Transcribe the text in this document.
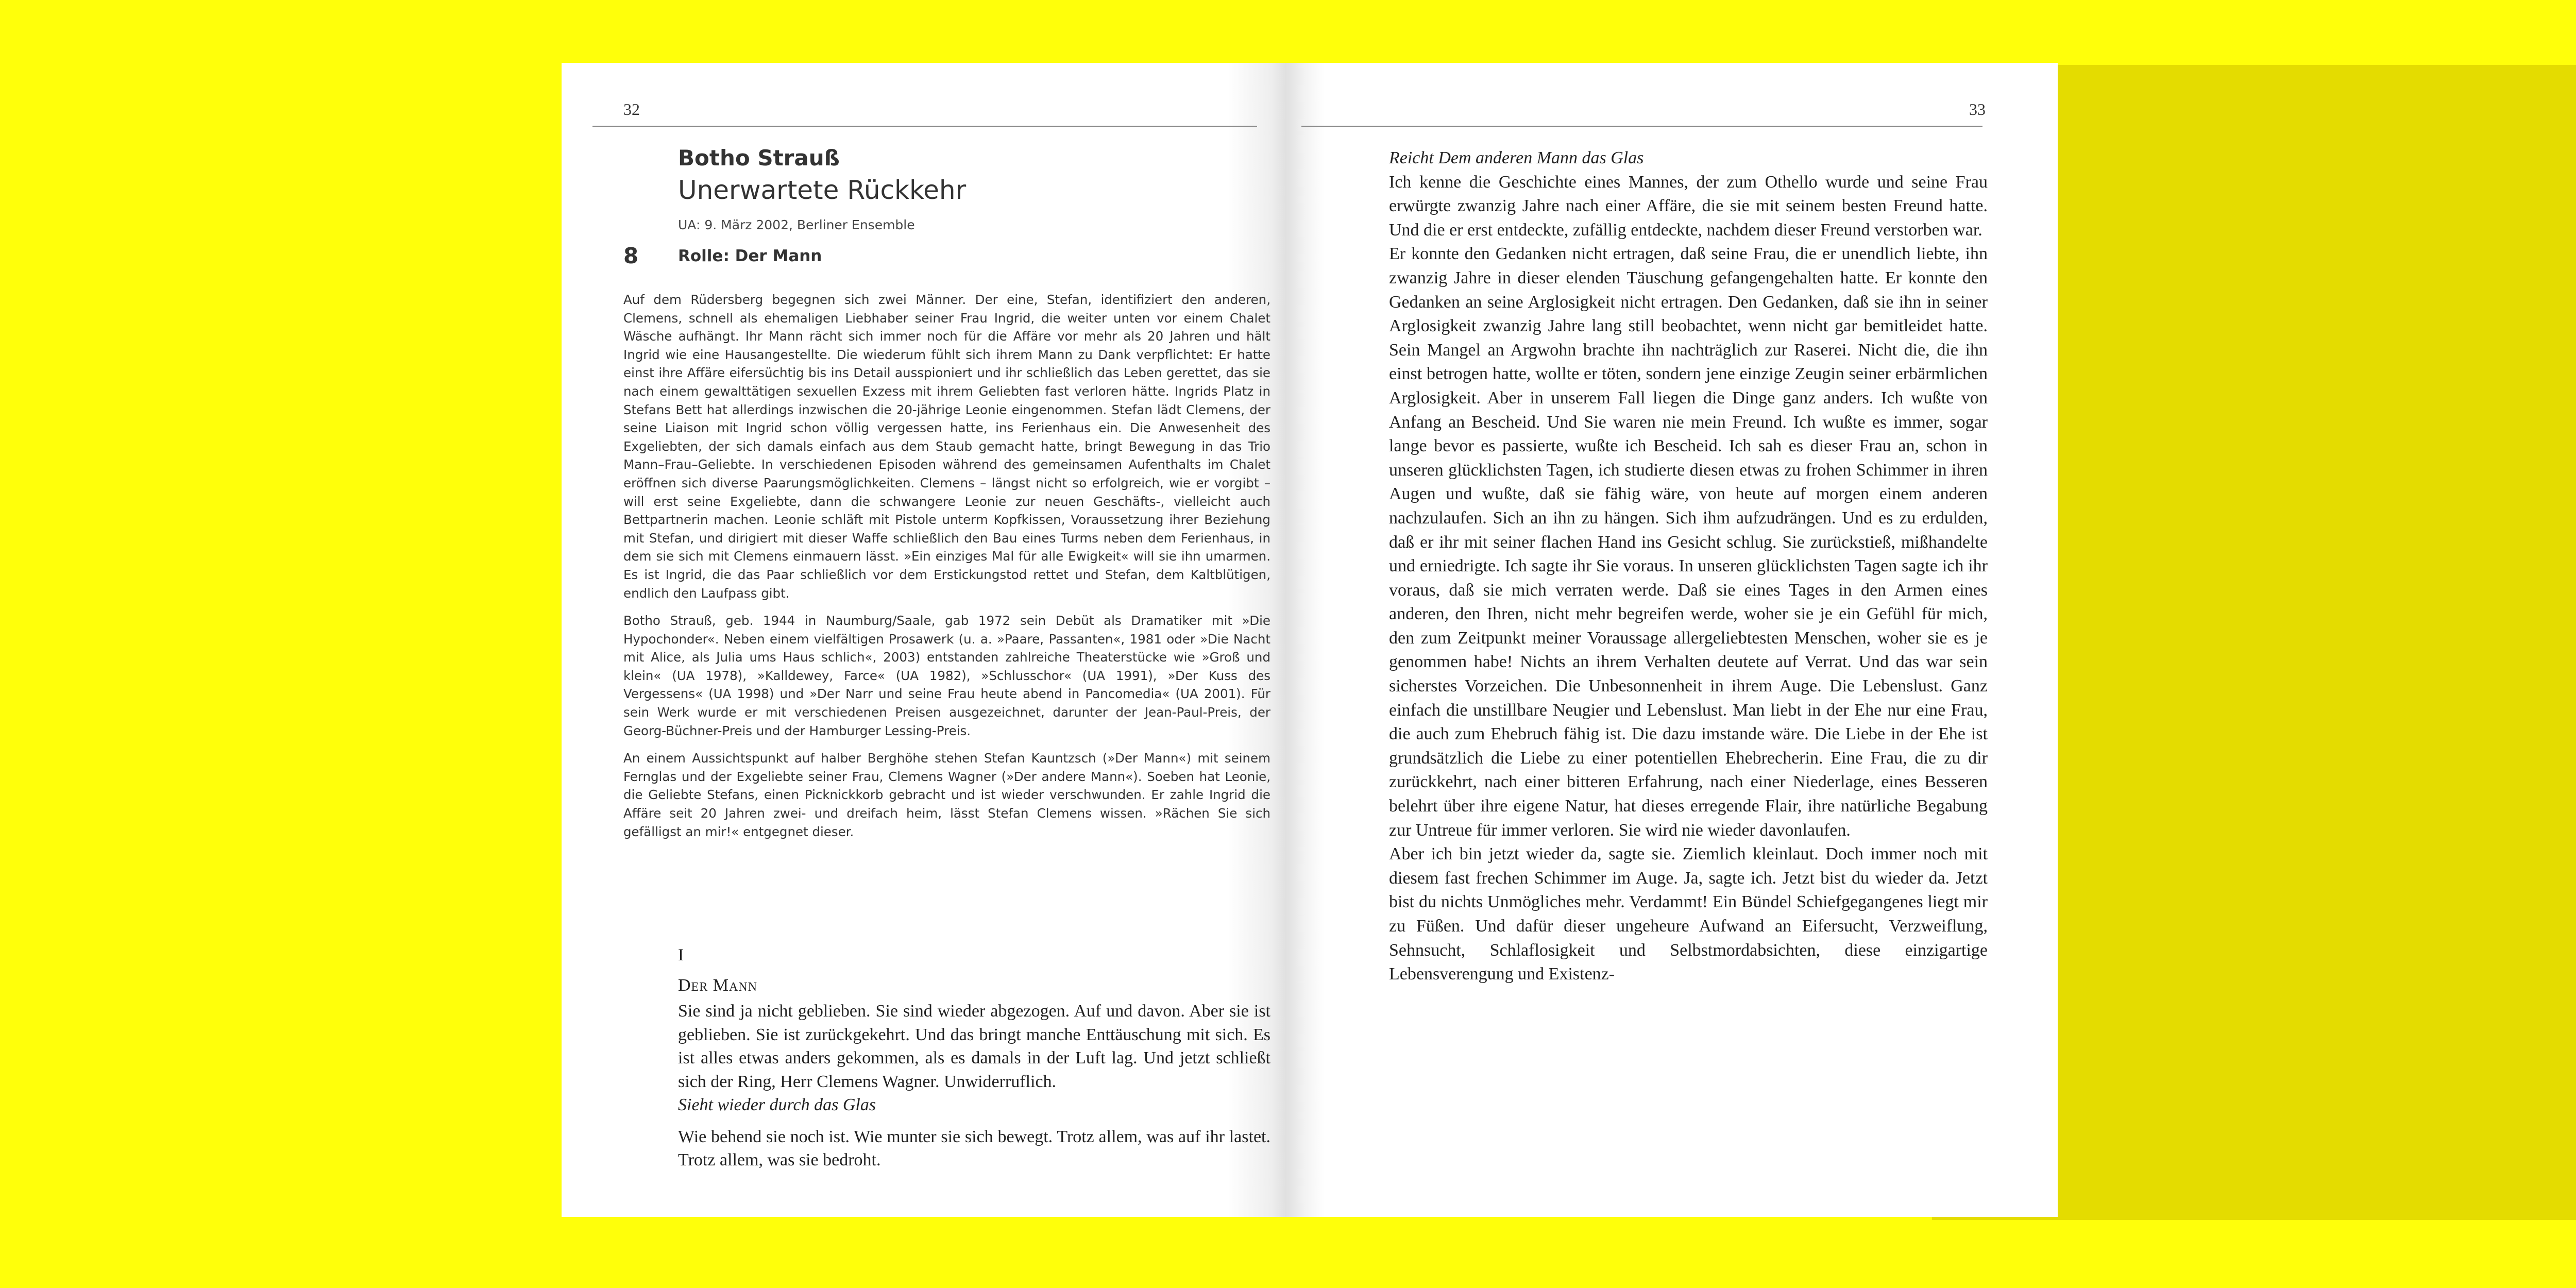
32
Botho Strauß
Unerwartete Rückkehr
UA: 9. März 2002, Berliner Ensemble
8 Rolle: Der Mann

Auf dem Rüdersberg begegnen sich zwei Männer. Der eine, Stefan, identifiziert den anderen, Clemens, schnell als ehemaligen Liebhaber seiner Frau Ingrid, die weiter unten vor einem Chalet Wäsche aufhängt. Ihr Mann rächt sich immer noch für die Affäre vor mehr als 20 Jahren und hält Ingrid wie eine Hausangestellte. Die wiederum fühlt sich ihrem Mann zu Dank verpflichtet: Er hatte einst ihre Affäre eifersüchtig bis ins Detail ausspioniert und ihr schließlich das Leben gerettet, das sie nach einem gewalttätigen sexuellen Exzess mit ihrem Geliebten fast verloren hätte. Ingrids Platz in Stefans Bett hat allerdings inzwischen die 20-jährige Leonie eingenommen. Stefan lädt Clemens, der seine Liaison mit Ingrid schon völlig vergessen hatte, ins Ferienhaus ein. Die Anwesenheit des Exgeliebten, der sich damals einfach aus dem Staub gemacht hatte, bringt Bewegung in das Trio Mann–Frau–Geliebte. In verschiedenen Episoden während des gemeinsamen Aufenthalts im Chalet eröffnen sich diverse Paarungsmöglichkeiten. Clemens – längst nicht so erfolgreich, wie er vorgibt – will erst seine Exgeliebte, dann die schwangere Leonie zur neuen Geschäfts-, vielleicht auch Bettpartnerin machen. Leonie schläft mit Pistole unterm Kopfkissen, Voraussetzung ihrer Beziehung mit Stefan, und dirigiert mit dieser Waffe schließlich den Bau eines Turms neben dem Ferienhaus, in dem sie sich mit Clemens einmauern lässt. »Ein einziges Mal für alle Ewigkeit« will sie ihn umarmen. Es ist Ingrid, die das Paar schließlich vor dem Erstickungstod rettet und Stefan, dem Kaltblütigen, endlich den Laufpass gibt.

Botho Strauß, geb. 1944 in Naumburg/Saale, gab 1972 sein Debüt als Dramatiker mit »Die Hypochonder«. Neben einem vielfältigen Prosawerk (u. a. »Paare, Passanten«, 1981 oder »Die Nacht mit Alice, als Julia ums Haus schlich«, 2003) entstanden zahlreiche Theaterstücke wie »Groß und klein« (UA 1978), »Kalldewey, Farce« (UA 1982), »Schlusschor« (UA 1991), »Der Kuss des Vergessens« (UA 1998) und »Der Narr und seine Frau heute abend in Pancomedia« (UA 2001). Für sein Werk wurde er mit verschiedenen Preisen ausgezeichnet, darunter der Jean-Paul-Preis, der Georg-Büchner-Preis und der Hamburger Lessing-Preis.

An einem Aussichtspunkt auf halber Berghöhe stehen Stefan Kauntzsch (»Der Mann«) mit seinem Fernglas und der Exgeliebte seiner Frau, Clemens Wagner (»Der andere Mann«). Soeben hat Leonie, die Geliebte Stefans, einen Picknickkorb gebracht und ist wieder verschwunden. Er zahle Ingrid die Affäre seit 20 Jahren zwei- und dreifach heim, lässt Stefan Clemens wissen. »Rächen Sie sich gefälligst an mir!« entgegnet dieser.

I
Der Mann

Sie sind ja nicht geblieben. Sie sind wieder abgezogen. Auf und davon. Aber sie ist geblieben. Sie ist zurückgekehrt. Und das bringt manche Enttäuschung mit sich. Es ist alles etwas anders gekommen, als es damals in der Luft lag. Und jetzt schließt sich der Ring, Herr Clemens Wagner. Unwiderruflich.

Sieht wieder durch das Glas

Wie behend sie noch ist. Wie munter sie sich bewegt. Trotz allem, was auf ihr lastet. Trotz allem, was sie bedroht.

33

Reicht Dem anderen Mann das Glas

Ich kenne die Geschichte eines Mannes, der zum Othello wurde und seine Frau erwürgte zwanzig Jahre nach einer Affäre, die sie mit seinem besten Freund hatte. Und die er erst entdeckte, zufällig entdeckte, nachdem dieser Freund verstorben war.

Er konnte den Gedanken nicht ertragen, daß seine Frau, die er unendlich liebte, ihn zwanzig Jahre in dieser elenden Täuschung gefangengehalten hatte. Er konnte den Gedanken an seine Arglosigkeit nicht ertragen. Den Gedanken, daß sie ihn in seiner Arglosigkeit zwanzig Jahre lang still beobachtet, wenn nicht gar bemitleidet hatte. Sein Mangel an Argwohn brachte ihn nachträglich zur Raserei. Nicht die, die ihn einst betrogen hatte, wollte er töten, sondern jene einzige Zeugin seiner erbärmlichen Arglosigkeit. Aber in unserem Fall liegen die Dinge ganz anders. Ich wußte von Anfang an Bescheid. Und Sie waren nie mein Freund. Ich wußte es immer, sogar lange bevor es passierte, wußte ich Bescheid. Ich sah es dieser Frau an, schon in unseren glücklichsten Tagen, ich studierte diesen etwas zu frohen Schimmer in ihren Augen und wußte, daß sie fähig wäre, von heute auf morgen einem anderen nachzulaufen. Sich an ihn zu hängen. Sich ihm aufzudrängen. Und es zu erdulden, daß er ihr mit seiner flachen Hand ins Gesicht schlug. Sie zurückstieß, mißhandelte und erniedrigte. Ich sagte ihr Sie voraus. In unseren glücklichsten Tagen sagte ich ihr voraus, daß sie mich verraten werde. Daß sie eines Tages in den Armen eines anderen, den Ihren, nicht mehr begreifen werde, woher sie je ein Gefühl für mich, den zum Zeitpunkt meiner Voraussage allergeliebtesten Menschen, woher sie es je genommen habe! Nichts an ihrem Verhalten deutete auf Verrat. Und das war sein sicherstes Vorzeichen. Die Unbesonnenheit in ihrem Auge. Die Lebenslust. Ganz einfach die unstillbare Neugier und Lebenslust. Man liebt in der Ehe nur eine Frau, die auch zum Ehebruch fähig ist. Die dazu imstande wäre. Die Liebe in der Ehe ist grundsätzlich die Liebe zu einer potentiellen Ehebrecherin. Eine Frau, die zu dir zurückkehrt, nach einer bitteren Erfahrung, nach einer Niederlage, eines Besseren belehrt über ihre eigene Natur, hat dieses erregende Flair, ihre natürliche Begabung zur Untreue für immer verloren. Sie wird nie wieder davonlaufen.

Aber ich bin jetzt wieder da, sagte sie. Ziemlich kleinlaut. Doch immer noch mit diesem fast frechen Schimmer im Auge. Ja, sagte ich. Jetzt bist du wieder da. Jetzt bist du nichts Unmögliches mehr. Verdammt! Ein Bündel Schiefgegangenes liegt mir zu Füßen. Und dafür dieser ungeheure Aufwand an Eifersucht, Verzweiflung, Sehnsucht, Schlaflosigkeit und Selbstmordabsichten, diese einzigartige Lebensverengung und Existenz-
